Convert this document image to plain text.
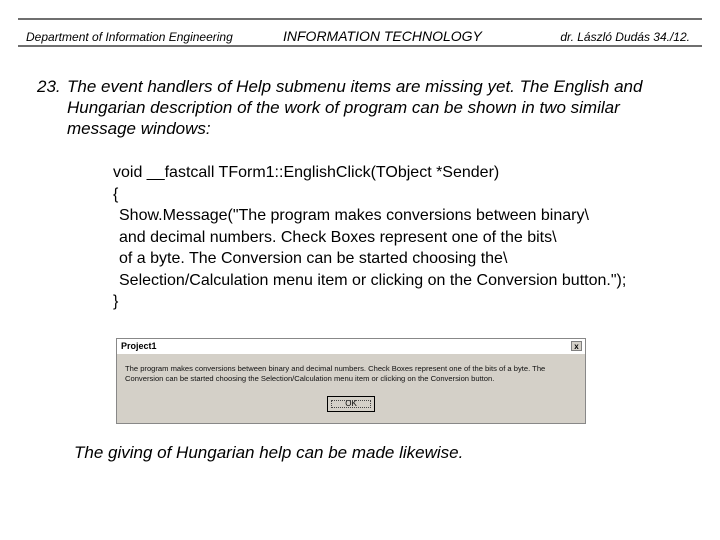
Department of Information Engineering	INFORMATION TECHNOLOGY	dr. László Dudás 34./12.
23. The event handlers of Help submenu items are missing yet. The English and
Hungarian description of the work of program can be shown in two similar
message windows:
void __fastcall TForm1::EnglishClick(TObject *Sender)
{
Show.Message("The program makes conversions between binary\
and decimal numbers. Check Boxes represent one of the bits\
of a byte. The Conversion can be started choosing the\
Selection/Calculation menu item or clicking on the Conversion button.");
}
Project1	x
The program makes conversions between binary and decimal numbers. Check Boxes represent one of the bits of a byte. The
Conversion can be started choosing the Selection/Calculation menu item or clicking on the Conversion button.
OK
The giving of Hungarian help can be made likewise.
